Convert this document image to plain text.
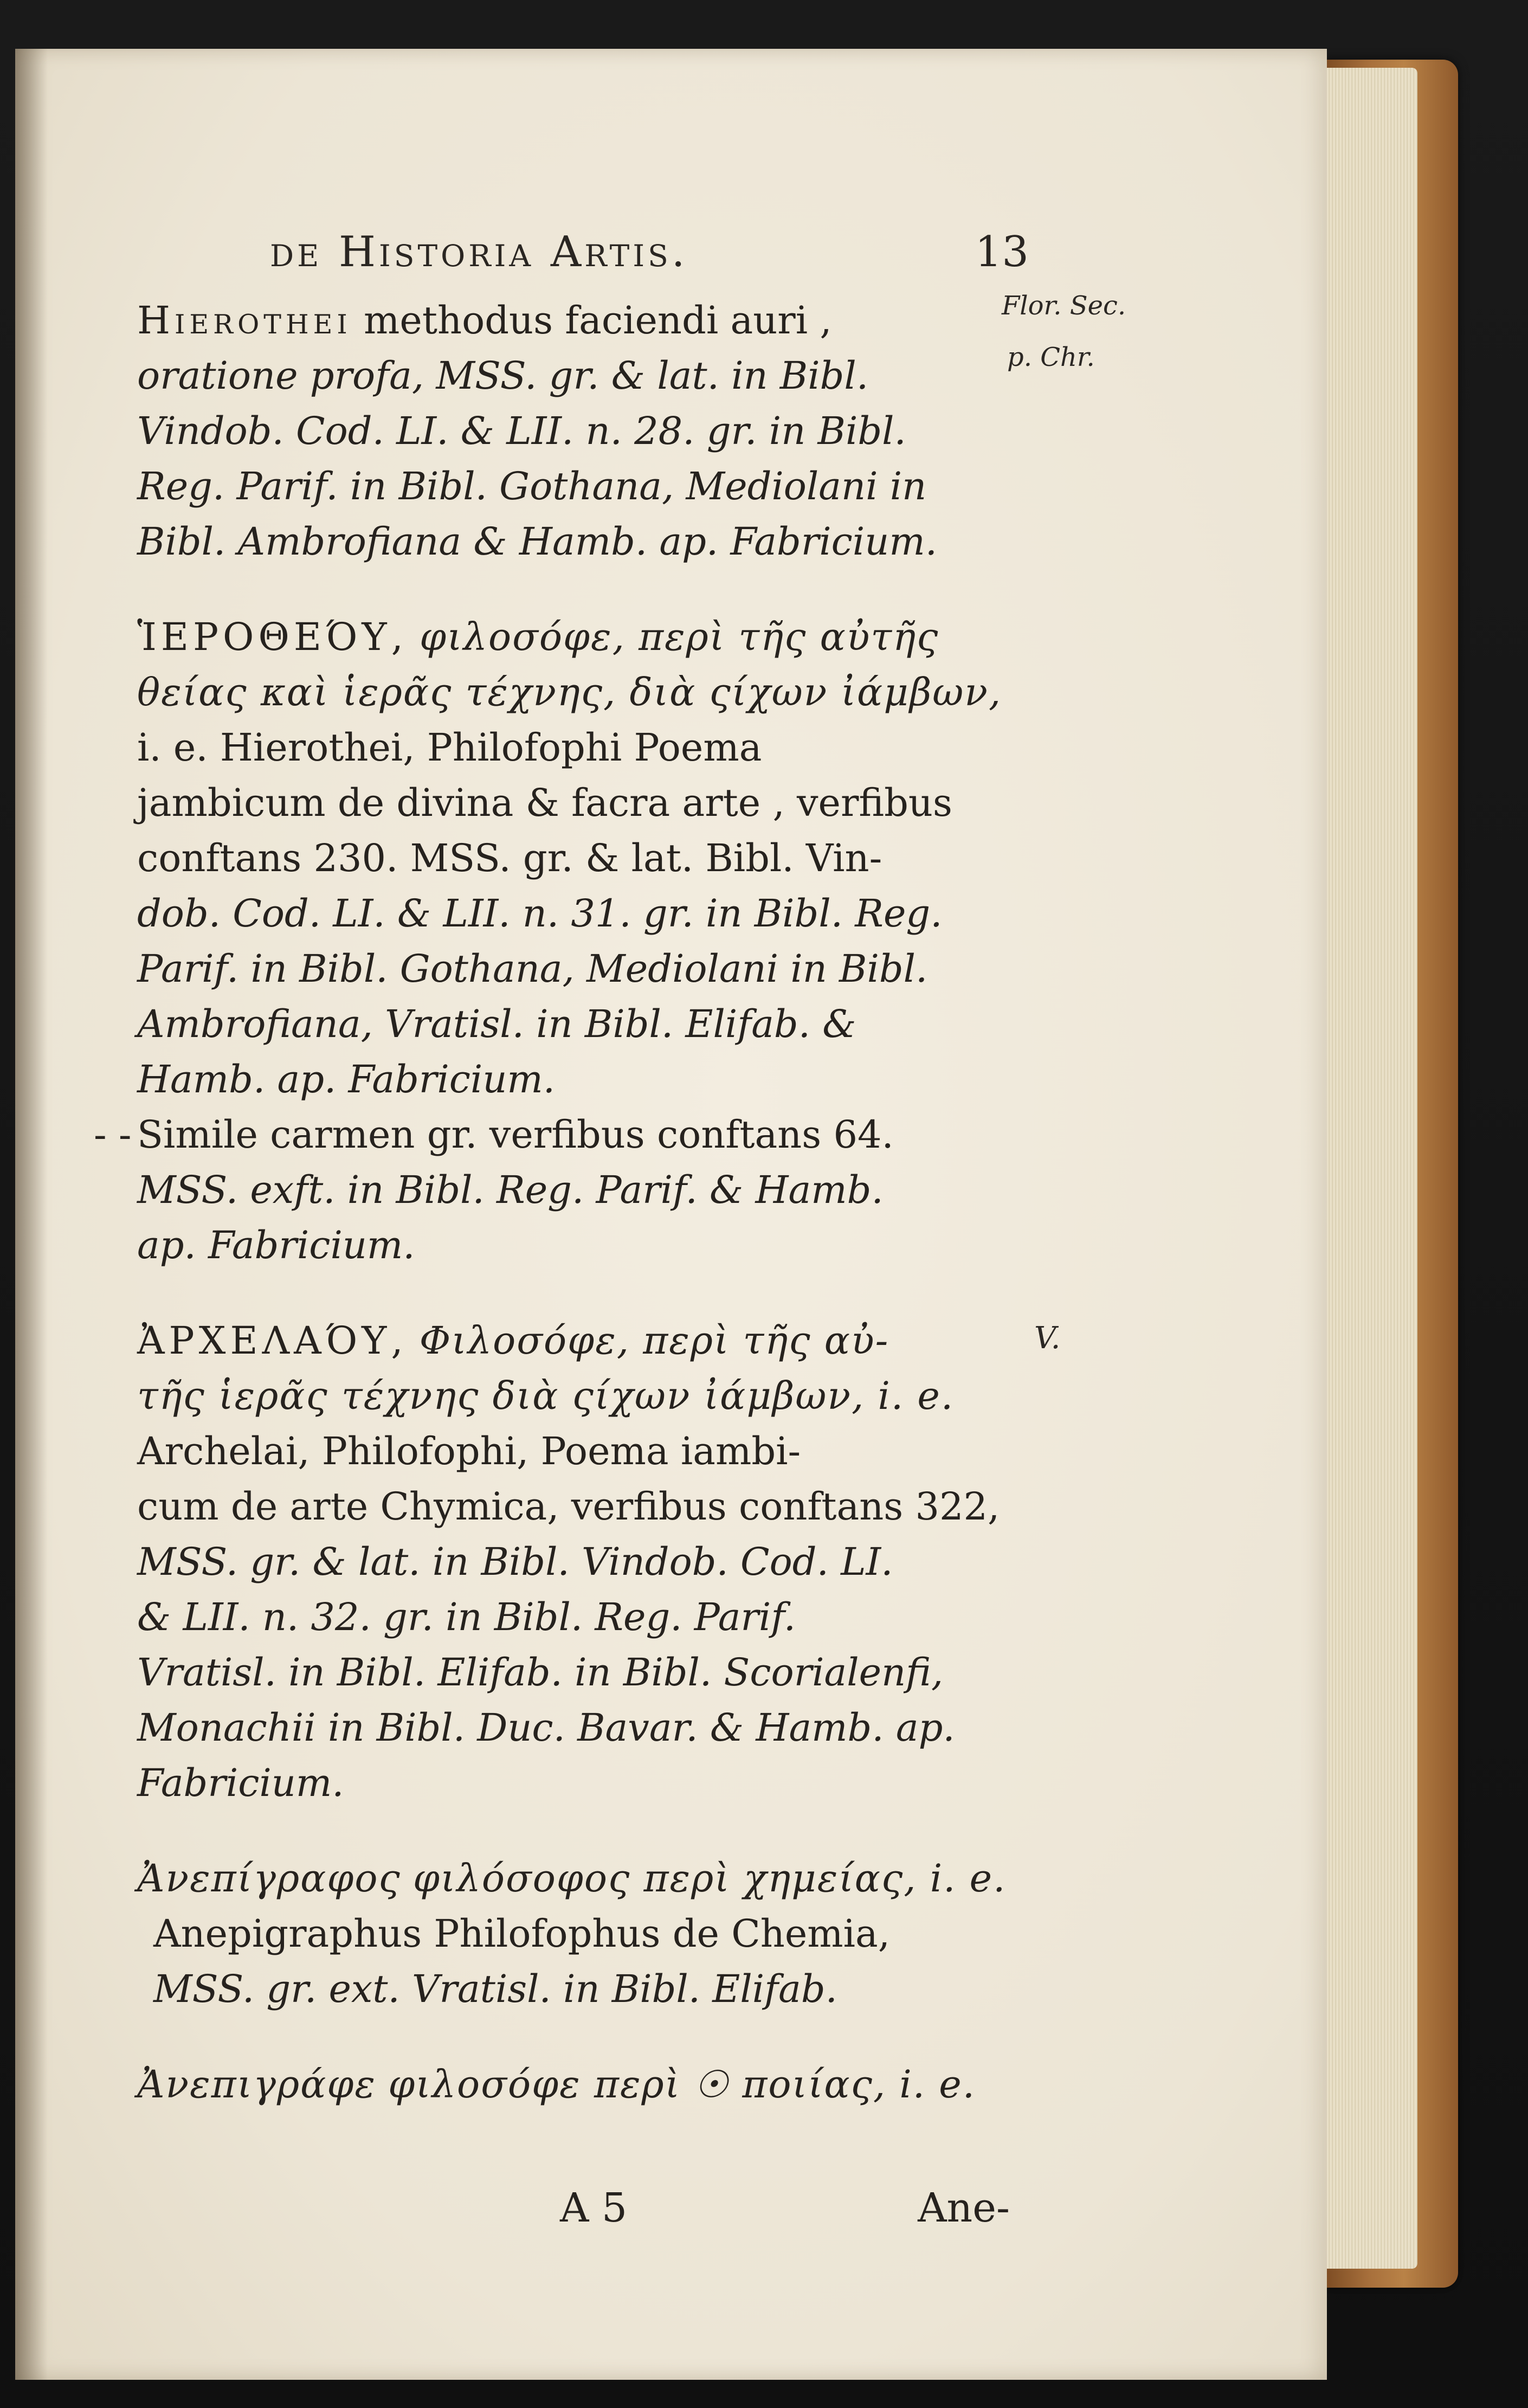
de Historia Artis.	13
Flor. Sec.
p. Chr.
V.

Hierothei methodus faciendi auri ,

oratione profa, MSS. gr. & lat. in Bibl.

Vindob. Cod. LI. & LII. n. 28. gr. in Bibl.

Reg. Parif. in Bibl. Gothana, Mediolani in

Bibl. Ambrofiana & Hamb. ap. Fabricium.

ἹΕΡΟΘΕΌΥ, φιλοσόφε, περὶ τῆς αὐτῆς

θείας καὶ ἱερᾶς τέχνης, διὰ ςίχων ἰάμβων,

i. e. Hierothei, Philofophi Poema

jambicum de divina & facra arte , verfibus

conftans 230. MSS. gr. & lat. Bibl. Vin-

dob. Cod. LI. & LII. n. 31. gr. in Bibl. Reg.

Parif. in Bibl. Gothana, Mediolani in Bibl.

Ambrofiana, Vratisl. in Bibl. Elifab. &

Hamb. ap. Fabricium.

- - Simile carmen gr. verfibus conftans 64.

MSS. exft. in Bibl. Reg. Parif. & Hamb.

ap. Fabricium.

ἈΡΧΕΛΑΌΥ, Φιλοσόφε, περὶ τῆς αὐ-

τῆς ἱερᾶς τέχνης διὰ ςίχων ἰάμβων, i. e.

Archelai, Philofophi, Poema iambi-

cum de arte Chymica, verfibus conftans 322,

MSS. gr. & lat. in Bibl. Vindob. Cod. LI.

& LII. n. 32. gr. in Bibl. Reg. Parif.

Vratisl. in Bibl. Elifab. in Bibl. Scorialenfi,

Monachii in Bibl. Duc. Bavar. & Hamb. ap.

Fabricium.

Ἀνεπίγραφος φιλόσοφος περὶ χημείας, i. e.

Anepigraphus Philofophus de Chemia,

MSS. gr. ext. Vratisl. in Bibl. Elifab.

Ἀνεπιγράφε φιλοσόφε περὶ ☉ ποιίας, i. e.

A 5	Ane-
